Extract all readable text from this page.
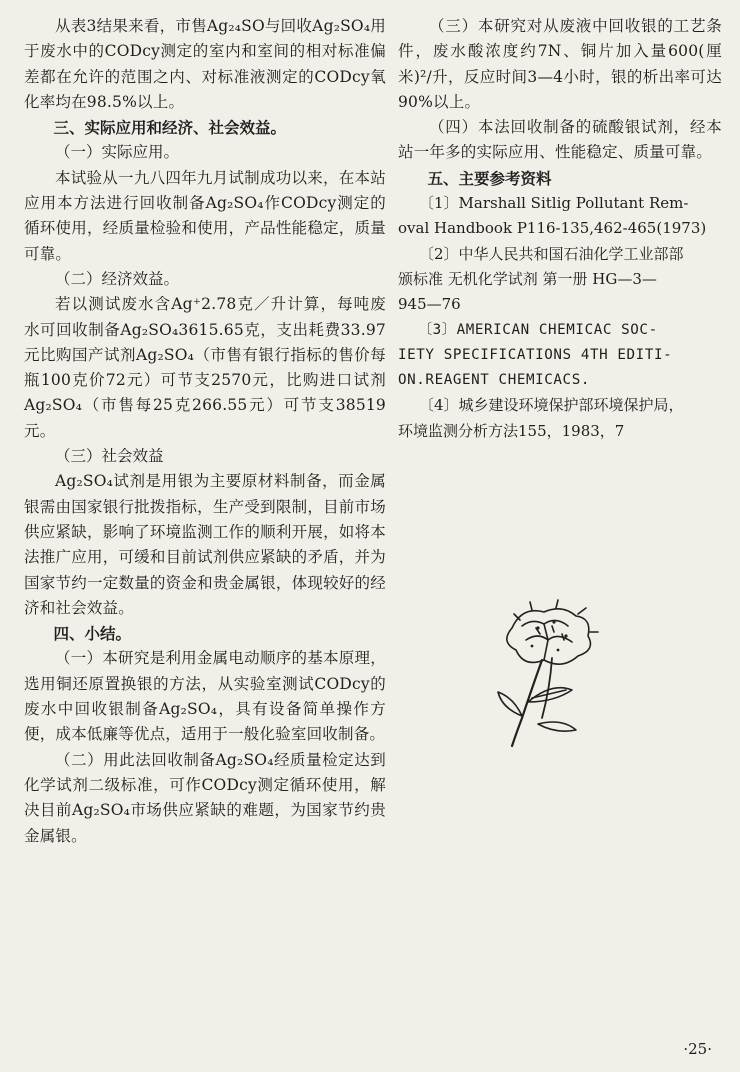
从表3结果来看，市售Ag₂₄SO与回收Ag₂SO₄用于废水中的CODcy测定的室内和室间的相对标准偏差都在允许的范围之内、对标准液测定的CODcy氧化率均在98.5%以上。

三、实际应用和经济、社会效益。

（一）实际应用。

本试验从一九八四年九月试制成功以来，在本站应用本方法进行回收制备Ag₂SO₄作CODcy测定的循环使用，经质量检验和使用，产品性能稳定，质量可靠。

（二）经济效益。

若以测试废水含Ag⁺2.78克／升计算，每吨废水可回收制备Ag₂SO₄3615.65克，支出耗费33.97元比购国产试剂Ag₂SO₄（市售有银行指标的售价每瓶100克价72元）可节支2570元，比购进口试剂Ag₂SO₄（市售每25克266.55元）可节支38519元。

（三）社会效益

Ag₂SO₄试剂是用银为主要原材料制备，而金属银需由国家银行批拨指标，生产受到限制，目前市场供应紧缺，影响了环境监测工作的顺利开展，如将本法推广应用，可缓和目前试剂供应紧缺的矛盾，并为国家节约一定数量的资金和贵金属银，体现较好的经济和社会效益。

四、小结。

（一）本研究是利用金属电动顺序的基本原理，选用铜还原置换银的方法，从实验室测试CODcy的废水中回收银制备Ag₂SO₄，具有设备简单操作方便，成本低廉等优点，适用于一般化验室回收制备。

（二）用此法回收制备Ag₂SO₄经质量检定达到化学试剂二级标准，可作CODcy测定循环使用，解决目前Ag₂SO₄市场供应紧缺的难题，为国家节约贵金属银。

（三）本研究对从废液中回收银的工艺条件，废水酸浓度约7N、铜片加入量600(厘米)²/升，反应时间3—4小时，银的析出率可达90%以上。

（四）本法回收制备的硫酸银试剂，经本站一年多的实际应用、性能稳定、质量可靠。

五、主要参考资料

〔1〕Marshall Sitlig Pollutant Rem-

oval Handbook P116-135,462-465(1973)

〔2〕中华人民共和国石油化学工业部部

颁标准 无机化学试剂 第一册 HG—3—

945—76

〔3〕AMERICAN CHEMICAC SOC-

IETY SPECIFICATIONS 4TH EDITI-

ON.REAGENT CHEMICACS.

〔4〕城乡建设环境保护部环境保护局，

环境监测分析方法155，1983，7

·25·
